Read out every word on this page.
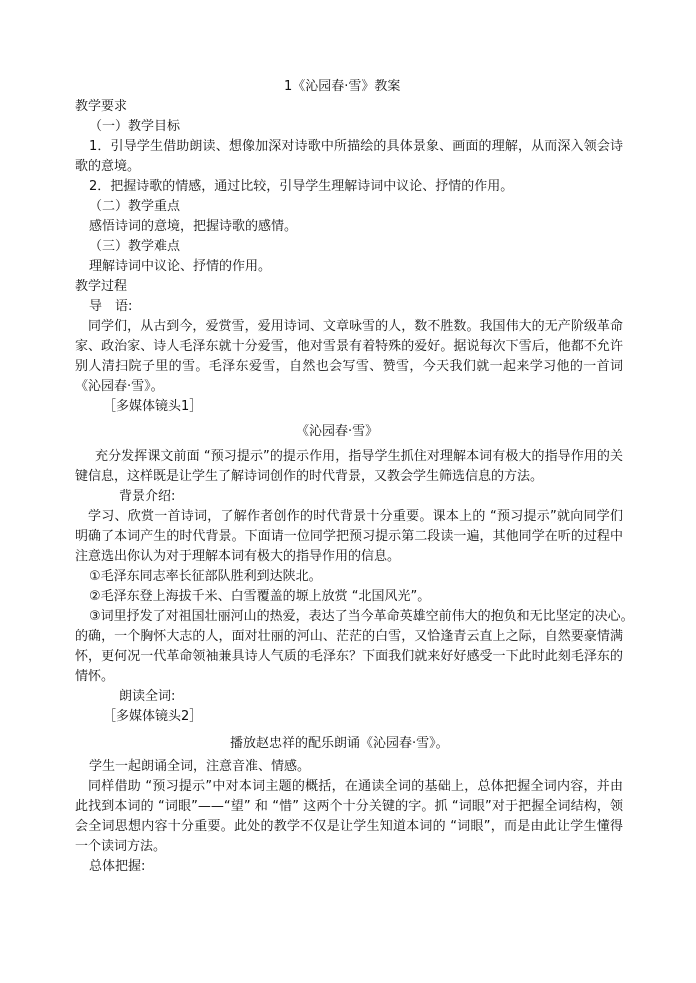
1《沁园春·雪》教案
教学要求
（一）教学目标
1．引导学生借助朗读、想像加深对诗歌中所描绘的具体景象、画面的理解，从而深入领会诗歌的意境。
2．把握诗歌的情感，通过比较，引导学生理解诗词中议论、抒情的作用。
（二）教学重点
感悟诗词的意境，把握诗歌的感情。
（三）教学难点
理解诗词中议论、抒情的作用。
教学过程
导　语:
同学们，从古到今，爱赏雪，爱用诗词、文章咏雪的人，数不胜数。我国伟大的无产阶级革命家、政治家、诗人毛泽东就十分爱雪，他对雪景有着特殊的爱好。据说每次下雪后，他都不允许别人清扫院子里的雪。毛泽东爱雪，自然也会写雪、赞雪，今天我们就一起来学习他的一首词《沁园春·雪》。
［多媒体镜头1］
《沁园春·雪》
充分发挥课文前面 “预习提示”的提示作用，指导学生抓住对理解本词有极大的指导作用的关键信息，这样既是让学生了解诗词创作的时代背景，又教会学生筛选信息的方法。
背景介绍:
学习、欣赏一首诗词，了解作者创作的时代背景十分重要。课本上的 “预习提示”就向同学们明确了本词产生的时代背景。下面请一位同学把预习提示第二段读一遍，其他同学在听的过程中注意选出你认为对于理解本词有极大的指导作用的信息。
①毛泽东同志率长征部队胜利到达陕北。
②毛泽东登上海拔千米、白雪覆盖的塬上放赏 “北国风光”。
③词里抒发了对祖国壮丽河山的热爱，表达了当今革命英雄空前伟大的抱负和无比坚定的决心。
的确，一个胸怀大志的人，面对壮丽的河山、茫茫的白雪，又恰逢青云直上之际，自然要豪情满怀，更何况一代革命领袖兼具诗人气质的毛泽东？下面我们就来好好感受一下此时此刻毛泽东的情怀。
朗读全词:
［多媒体镜头2］
播放赵忠祥的配乐朗诵《沁园春·雪》。
学生一起朗诵全词，注意音准、情感。
同样借助 “预习提示”中对本词主题的概括，在通读全词的基础上，总体把握全词内容，并由此找到本词的 “词眼”——“望” 和 “惜” 这两个十分关键的字。抓 “词眼”对于把握全词结构，领会全词思想内容十分重要。此处的教学不仅是让学生知道本词的 “词眼”，而是由此让学生懂得一个读词方法。
总体把握:
